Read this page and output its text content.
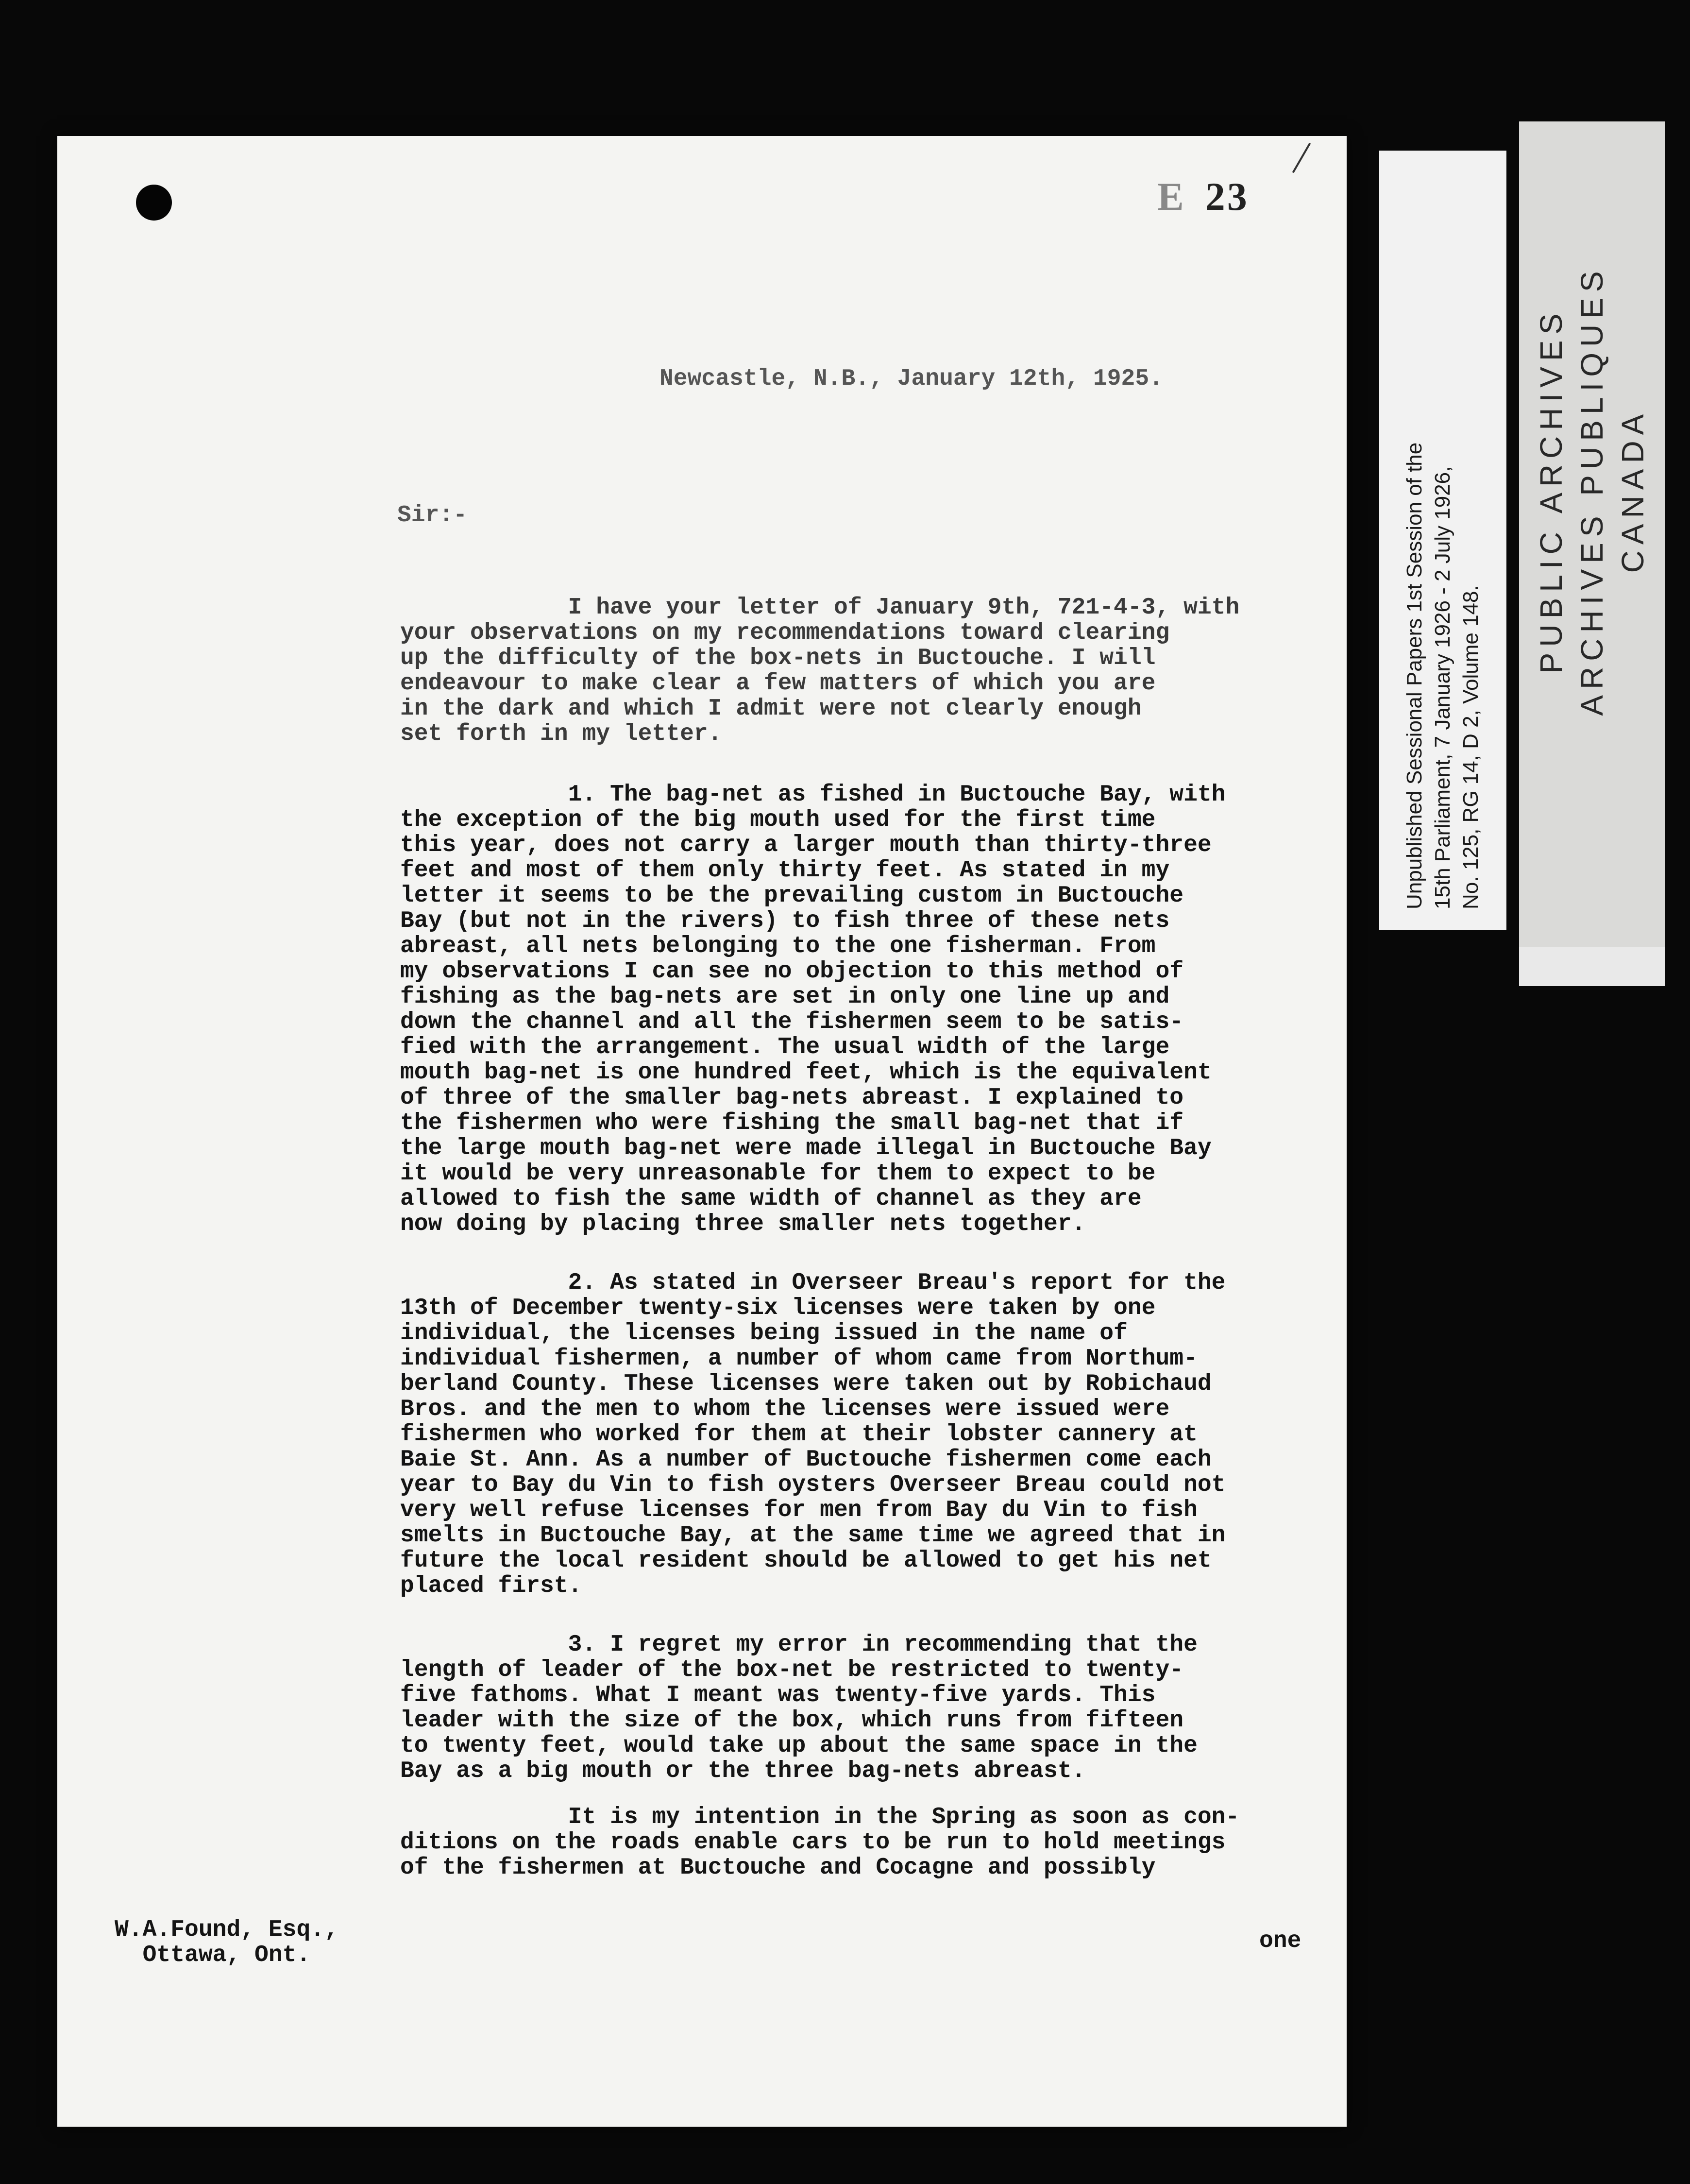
E 23
Newcastle, N.B., January 12th, 1925.
Sir:-
I have your letter of January 9th, 721-4-3, with
your observations on my recommendations toward clearing
up the difficulty of the box-nets in Buctouche. I will
endeavour to make clear a few matters of which you are
in the dark and which I admit were not clearly enough
set forth in my letter.
1. The bag-net as fished in Buctouche Bay, with
the exception of the big mouth used for the first time
this year, does not carry a larger mouth than thirty-three
feet and most of them only thirty feet. As stated in my
letter it seems to be the prevailing custom in Buctouche
Bay (but not in the rivers) to fish three of these nets
abreast, all nets belonging to the one fisherman. From
my observations I can see no objection to this method of
fishing as the bag-nets are set in only one line up and
down the channel and all the fishermen seem to be satis-
fied with the arrangement. The usual width of the large
mouth bag-net is one hundred feet, which is the equivalent
of three of the smaller bag-nets abreast. I explained to
the fishermen who were fishing the small bag-net that if
the large mouth bag-net were made illegal in Buctouche Bay
it would be very unreasonable for them to expect to be
allowed to fish the same width of channel as they are
now doing by placing three smaller nets together.
2. As stated in Overseer Breau's report for the
13th of December twenty-six licenses were taken by one
individual, the licenses being issued in the name of
individual fishermen, a number of whom came from Northum-
berland County. These licenses were taken out by Robichaud
Bros. and the men to whom the licenses were issued were
fishermen who worked for them at their lobster cannery at
Baie St. Ann. As a number of Buctouche fishermen come each
year to Bay du Vin to fish oysters Overseer Breau could not
very well refuse licenses for men from Bay du Vin to fish
smelts in Buctouche Bay, at the same time we agreed that in
future the local resident should be allowed to get his net
placed first.
3. I regret my error in recommending that the
length of leader of the box-net be restricted to twenty-
five fathoms. What I meant was twenty-five yards. This
leader with the size of the box, which runs from fifteen
to twenty feet, would take up about the same space in the
Bay as a big mouth or the three bag-nets abreast.
It is my intention in the Spring as soon as con-
ditions on the roads enable cars to be run to hold meetings
of the fishermen at Buctouche and Cocagne and possibly
W.A.Found, Esq.,
Ottawa, Ont.
one
PUBLIC ARCHIVES ARCHIVES PUBLIQUES CANADA
Unpublished Sessional Papers 1st Session of the
15th Parliament, 7 January 1926 - 2 July 1926,
No. 125, RG 14, D 2, Volume 148.
